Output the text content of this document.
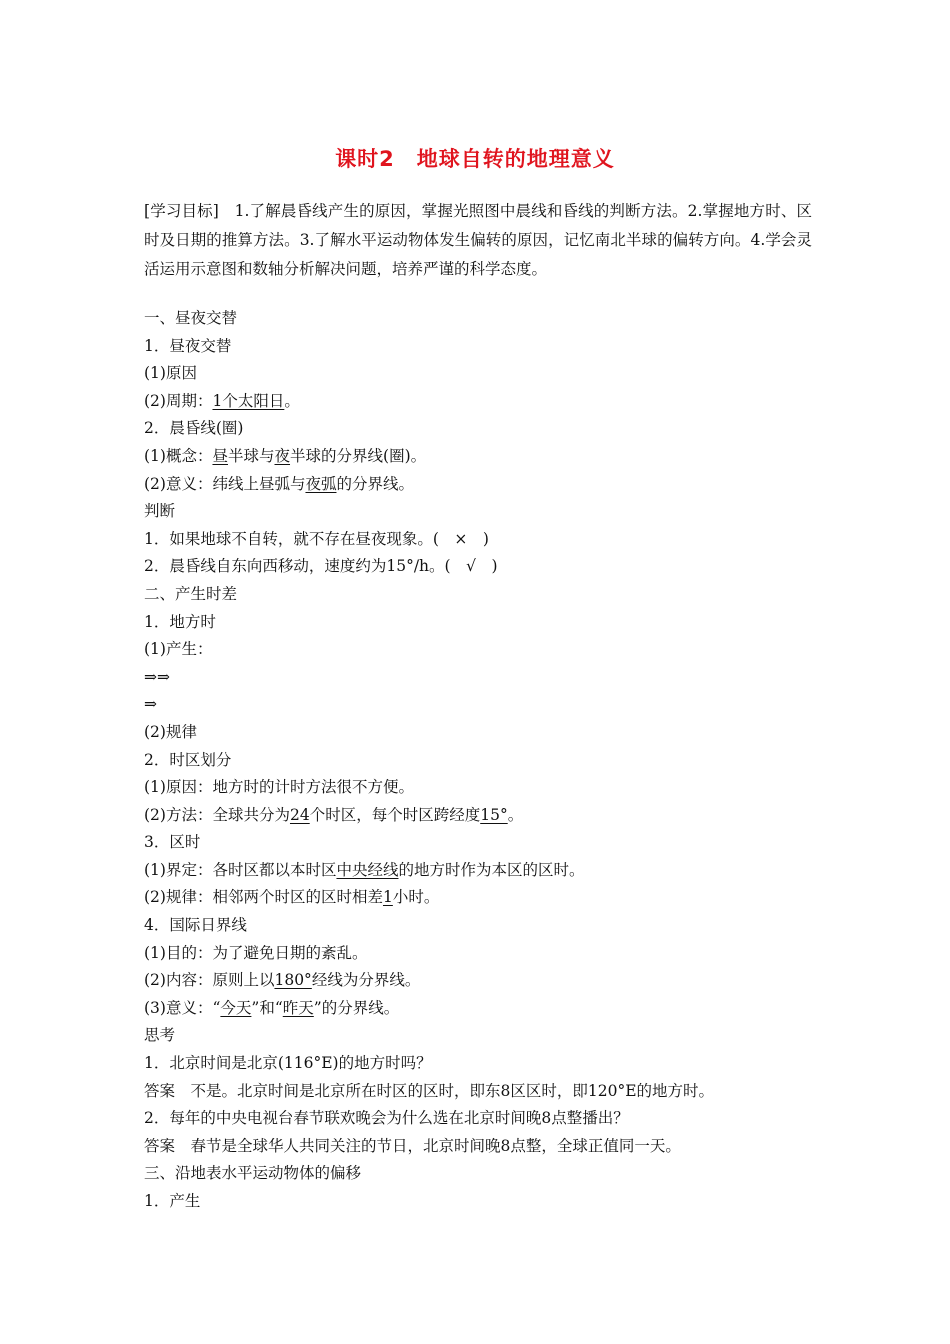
课时2　地球自转的地理意义
[学习目标]　1.了解晨昏线产生的原因，掌握光照图中晨线和昏线的判断方法。2.掌握地方时、区时及日期的推算方法。3.了解水平运动物体发生偏转的原因，记忆南北半球的偏转方向。4.学会灵活运用示意图和数轴分析解决问题，培养严谨的科学态度。
一、昼夜交替
1．昼夜交替
(1)原因
(2)周期：1个太阳日。
2．晨昏线(圈)
(1)概念：昼半球与夜半球的分界线(圈)。
(2)意义：纬线上昼弧与夜弧的分界线。
判断
1．如果地球不自转，就不存在昼夜现象。(　×　)
2．晨昏线自东向西移动，速度约为15°/h。(　√　)
二、产生时差
1．地方时
(1)产生：
⇒⇒
⇒
(2)规律
2．时区划分
(1)原因：地方时的计时方法很不方便。
(2)方法：全球共分为24个时区，每个时区跨经度15°。
3．区时
(1)界定：各时区都以本时区中央经线的地方时作为本区的区时。
(2)规律：相邻两个时区的区时相差1小时。
4．国际日界线
(1)目的：为了避免日期的紊乱。
(2)内容：原则上以180°经线为分界线。
(3)意义：“今天”和“昨天”的分界线。
思考
1．北京时间是北京(116°E)的地方时吗？
答案　不是。北京时间是北京所在时区的区时，即东8区区时，即120°E的地方时。
2．每年的中央电视台春节联欢晚会为什么选在北京时间晚8点整播出？
答案　春节是全球华人共同关注的节日，北京时间晚8点整，全球正值同一天。
三、沿地表水平运动物体的偏移
1．产生
